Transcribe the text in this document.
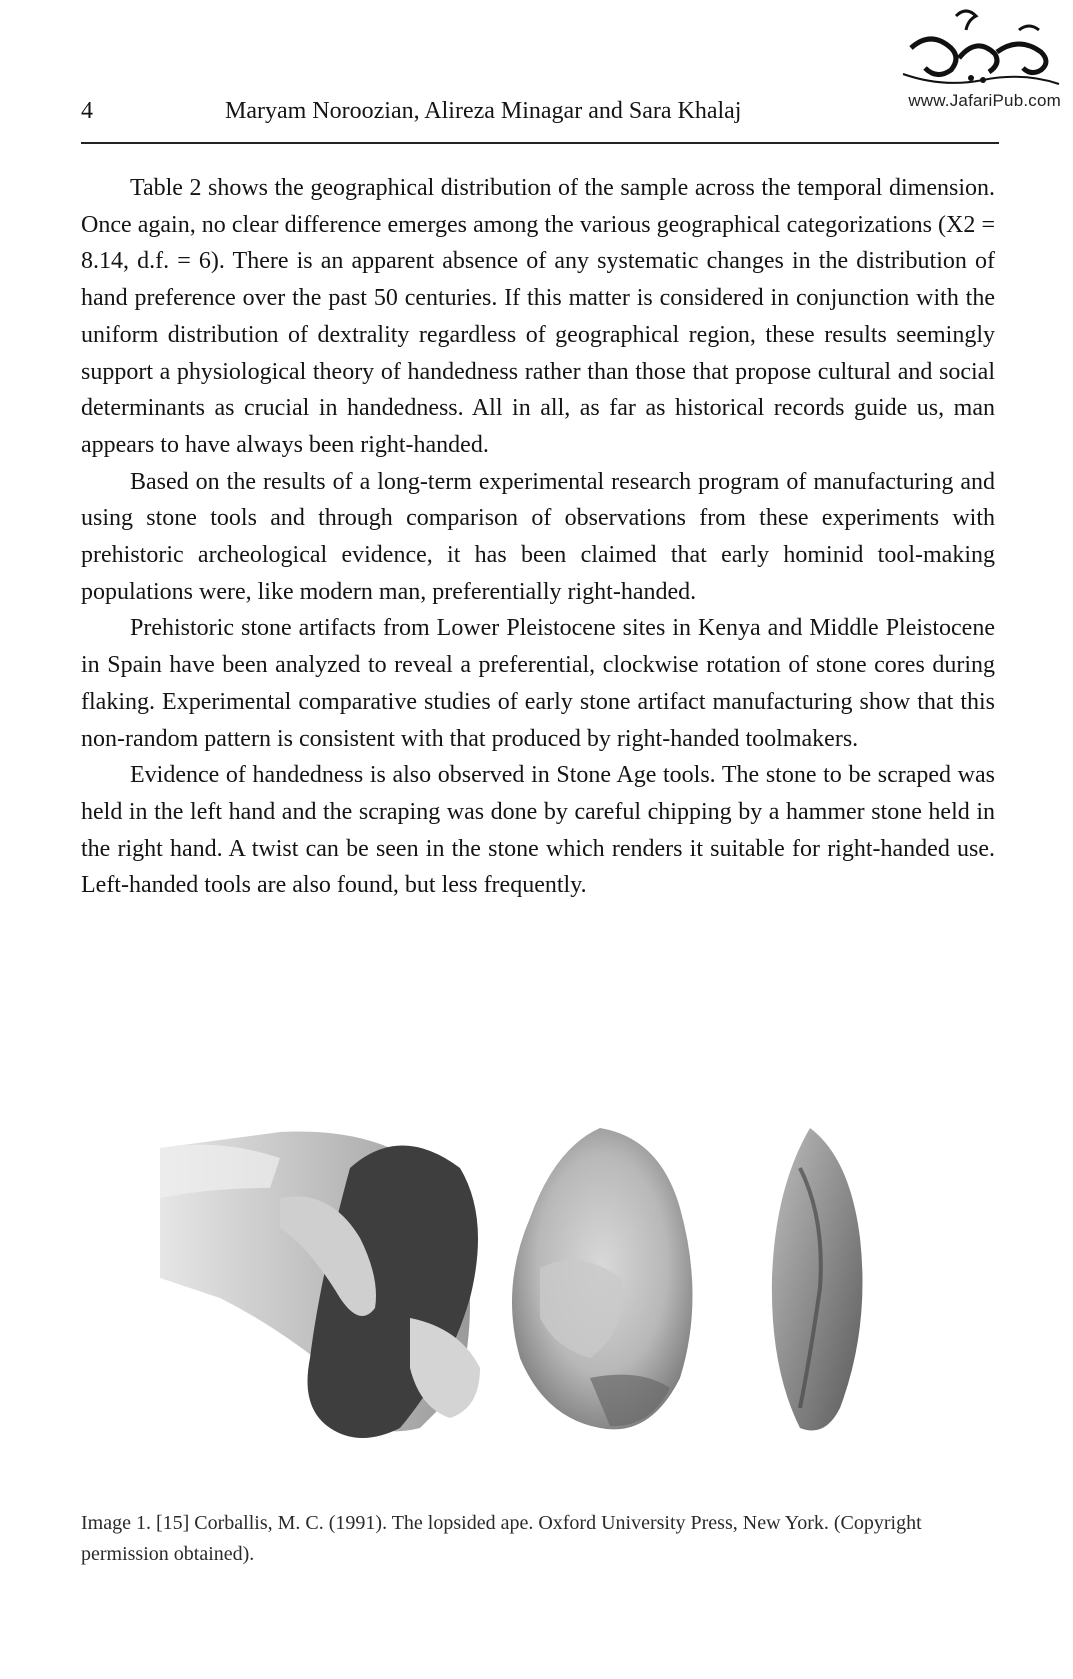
www.JafariPub.com
4	Maryam Noroozian, Alireza Minagar and Sara Khalaj

Table 2 shows the geographical distribution of the sample across the temporal dimension. Once again, no clear difference emerges among the various geographical categorizations (X2 = 8.14, d.f. = 6). There is an apparent absence of any systematic changes in the distribution of hand preference over the past 50 centuries. If this matter is considered in conjunction with the uniform distribution of dextrality regardless of geographical region, these results seemingly support a physiological theory of handedness rather than those that propose cultural and social determinants as crucial in handedness. All in all, as far as historical records guide us, man appears to have always been right-handed.

Based on the results of a long-term experimental research program of manufacturing and using stone tools and through comparison of observations from these experiments with prehistoric archeological evidence, it has been claimed that early hominid tool-making populations were, like modern man, preferentially right-handed.

Prehistoric stone artifacts from Lower Pleistocene sites in Kenya and Middle Pleistocene in Spain have been analyzed to reveal a preferential, clockwise rotation of stone cores during flaking. Experimental comparative studies of early stone artifact manufacturing show that this non-random pattern is consistent with that produced by right-handed toolmakers.

Evidence of handedness is also observed in Stone Age tools. The stone to be scraped was held in the left hand and the scraping was done by careful chipping by a hammer stone held in the right hand. A twist can be seen in the stone which renders it suitable for right-handed use. Left-handed tools are also found, but less frequently.

Image 1. [15] Corballis, M. C. (1991). The lopsided ape. Oxford University Press, New York. (Copyright permission obtained).
